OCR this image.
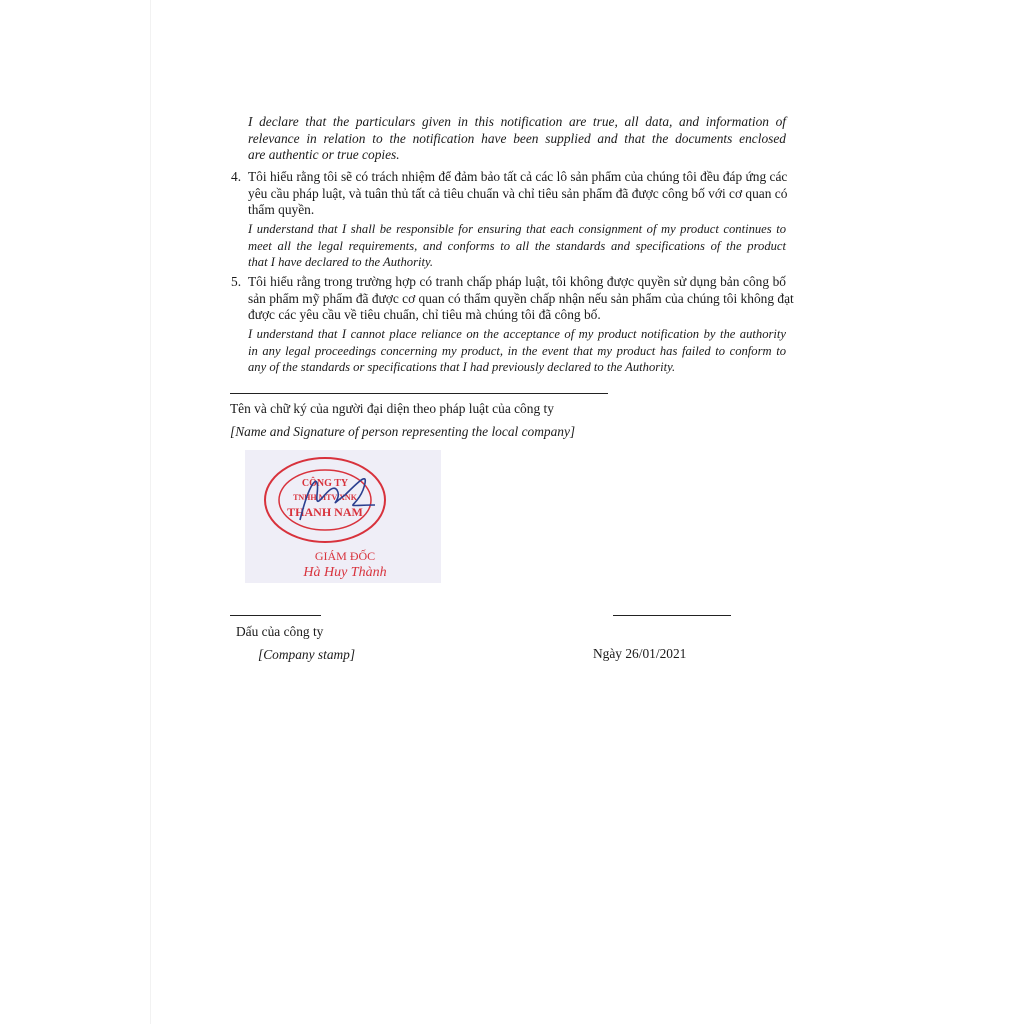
I declare that the particulars given in this notification are true, all data, and information of
relevance in relation to the notification have been supplied and that the documents enclosed
are authentic or true copies.
4. Tôi hiểu rằng tôi sẽ có trách nhiệm để đảm bảo tất cả các lô sản phẩm của chúng tôi đều đáp ứng các
yêu cầu pháp luật, và tuân thủ tất cả tiêu chuẩn và chỉ tiêu sản phẩm đã được công bố với cơ quan có
thẩm quyền.
I understand that I shall be responsible for ensuring that each consignment of my product continues to
meet all the legal requirements, and conforms to all the standards and specifications of the product
that I have declared to the Authority.
5. Tôi hiểu rằng trong trường hợp có tranh chấp pháp luật, tôi không được quyền sử dụng bản công bố
sản phẩm mỹ phẩm đã được cơ quan có thẩm quyền chấp nhận nếu sản phẩm của chúng tôi không đạt
được các yêu cầu về tiêu chuẩn, chỉ tiêu mà chúng tôi đã công bố.
I understand that I cannot place reliance on the acceptance of my product notification by the authority
in any legal proceedings concerning my product, in the event that my product has failed to conform to
any of the standards or specifications that I had previously declared to the Authority.
Tên và chữ ký của người đại diện theo pháp luật của công ty
[Name and Signature of person representing the local company]
CÔNG TY
TNHH MTV XNK
THANH NAM
GIÁM ĐỐC
Hà Huy Thành
Dấu của công ty
[Company stamp]	Ngày 26/01/2021
